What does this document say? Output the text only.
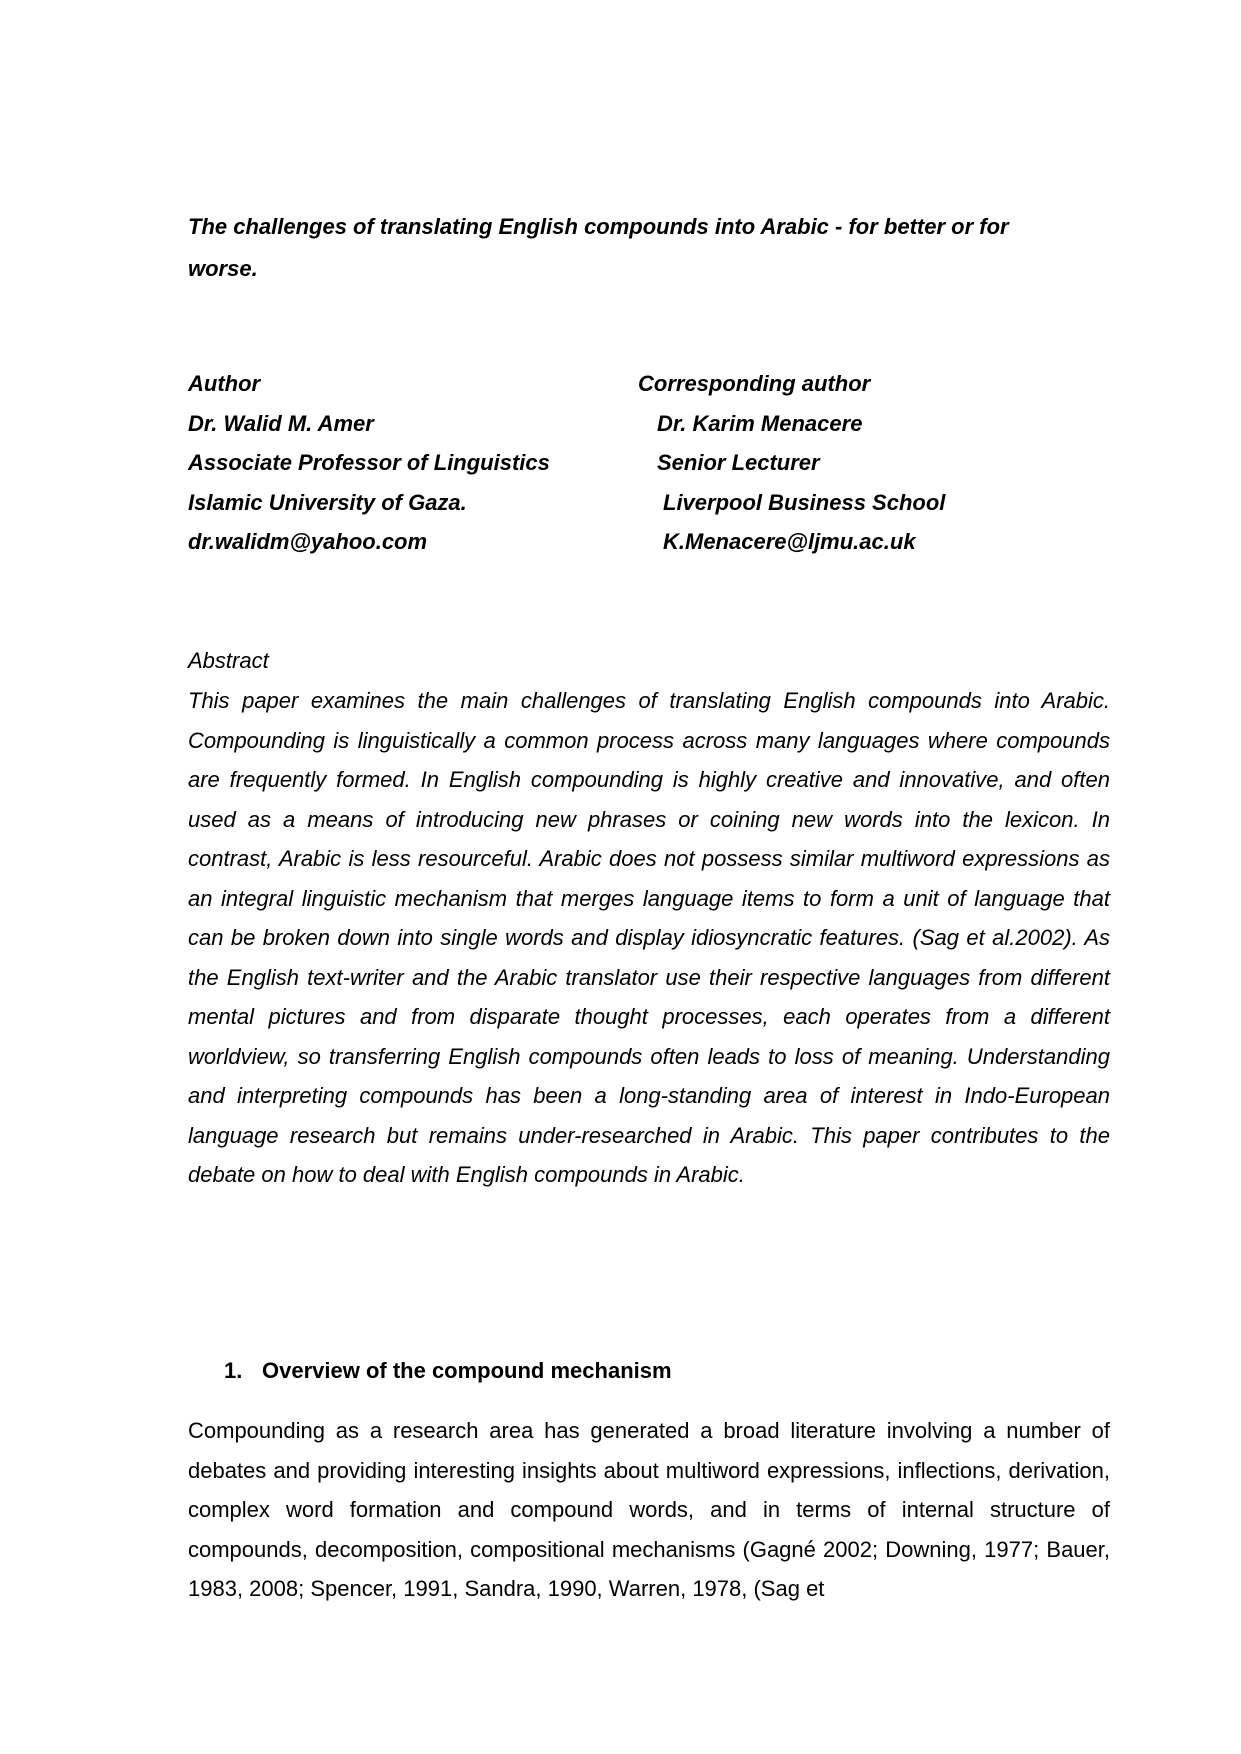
The challenges of translating English compounds into Arabic - for better or for worse.
Author
Dr. Walid M. Amer
Associate Professor of Linguistics
Islamic University of Gaza.
dr.walidm@yahoo.com
Corresponding author
Dr. Karim Menacere
Senior Lecturer
Liverpool Business School
K.Menacere@ljmu.ac.uk
Abstract

This paper examines the main challenges of translating English compounds into Arabic. Compounding is linguistically a common process across many languages where compounds are frequently formed. In English compounding is highly creative and innovative, and often used as a means of introducing new phrases or coining new words into the lexicon. In contrast, Arabic is less resourceful. Arabic does not possess similar multiword expressions as an integral linguistic mechanism that merges language items to form a unit of language that can be broken down into single words and display idiosyncratic features. (Sag et al.2002). As the English text-writer and the Arabic translator use their respective languages from different mental pictures and from disparate thought processes, each operates from a different worldview, so transferring English compounds often leads to loss of meaning. Understanding and interpreting compounds has been a long-standing area of interest in Indo-European language research but remains under-researched in Arabic. This paper contributes to the debate on how to deal with English compounds in Arabic.

1. Overview of the compound mechanism

Compounding as a research area has generated a broad literature involving a number of debates and providing interesting insights about multiword expressions, inflections, derivation, complex word formation and compound words, and in terms of internal structure of compounds, decomposition, compositional mechanisms (Gagné 2002; Downing, 1977; Bauer, 1983, 2008; Spencer, 1991, Sandra, 1990, Warren, 1978, (Sag et
